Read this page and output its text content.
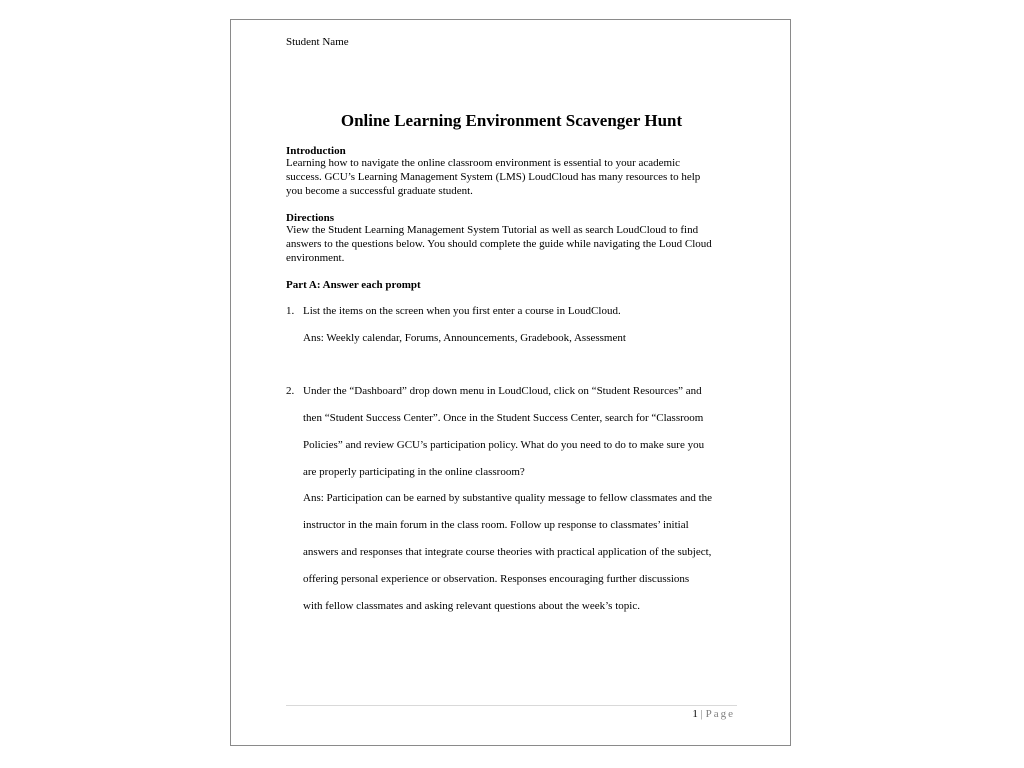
Student Name
Online Learning Environment Scavenger Hunt
Introduction
Learning how to navigate the online classroom environment is essential to your academic
success. GCU’s Learning Management System (LMS) LoudCloud has many resources to help
you become a successful graduate student.
Directions
View the Student Learning Management System Tutorial as well as search LoudCloud to find
answers to the questions below. You should complete the guide while navigating the Loud Cloud
environment.
Part A: Answer each prompt
1. List the items on the screen when you first enter a course in LoudCloud.
Ans: Weekly calendar, Forums, Announcements, Gradebook, Assessment
2. Under the “Dashboard” drop down menu in LoudCloud, click on “Student Resources” and
then “Student Success Center”. Once in the Student Success Center, search for “Classroom
Policies” and review GCU’s participation policy. What do you need to do to make sure you
are properly participating in the online classroom?
Ans: Participation can be earned by substantive quality message to fellow classmates and the
instructor in the main forum in the class room. Follow up response to classmates’ initial
answers and responses that integrate course theories with practical application of the subject,
offering personal experience or observation. Responses encouraging further discussions
with fellow classmates and asking relevant questions about the week’s topic.
1 | Page
